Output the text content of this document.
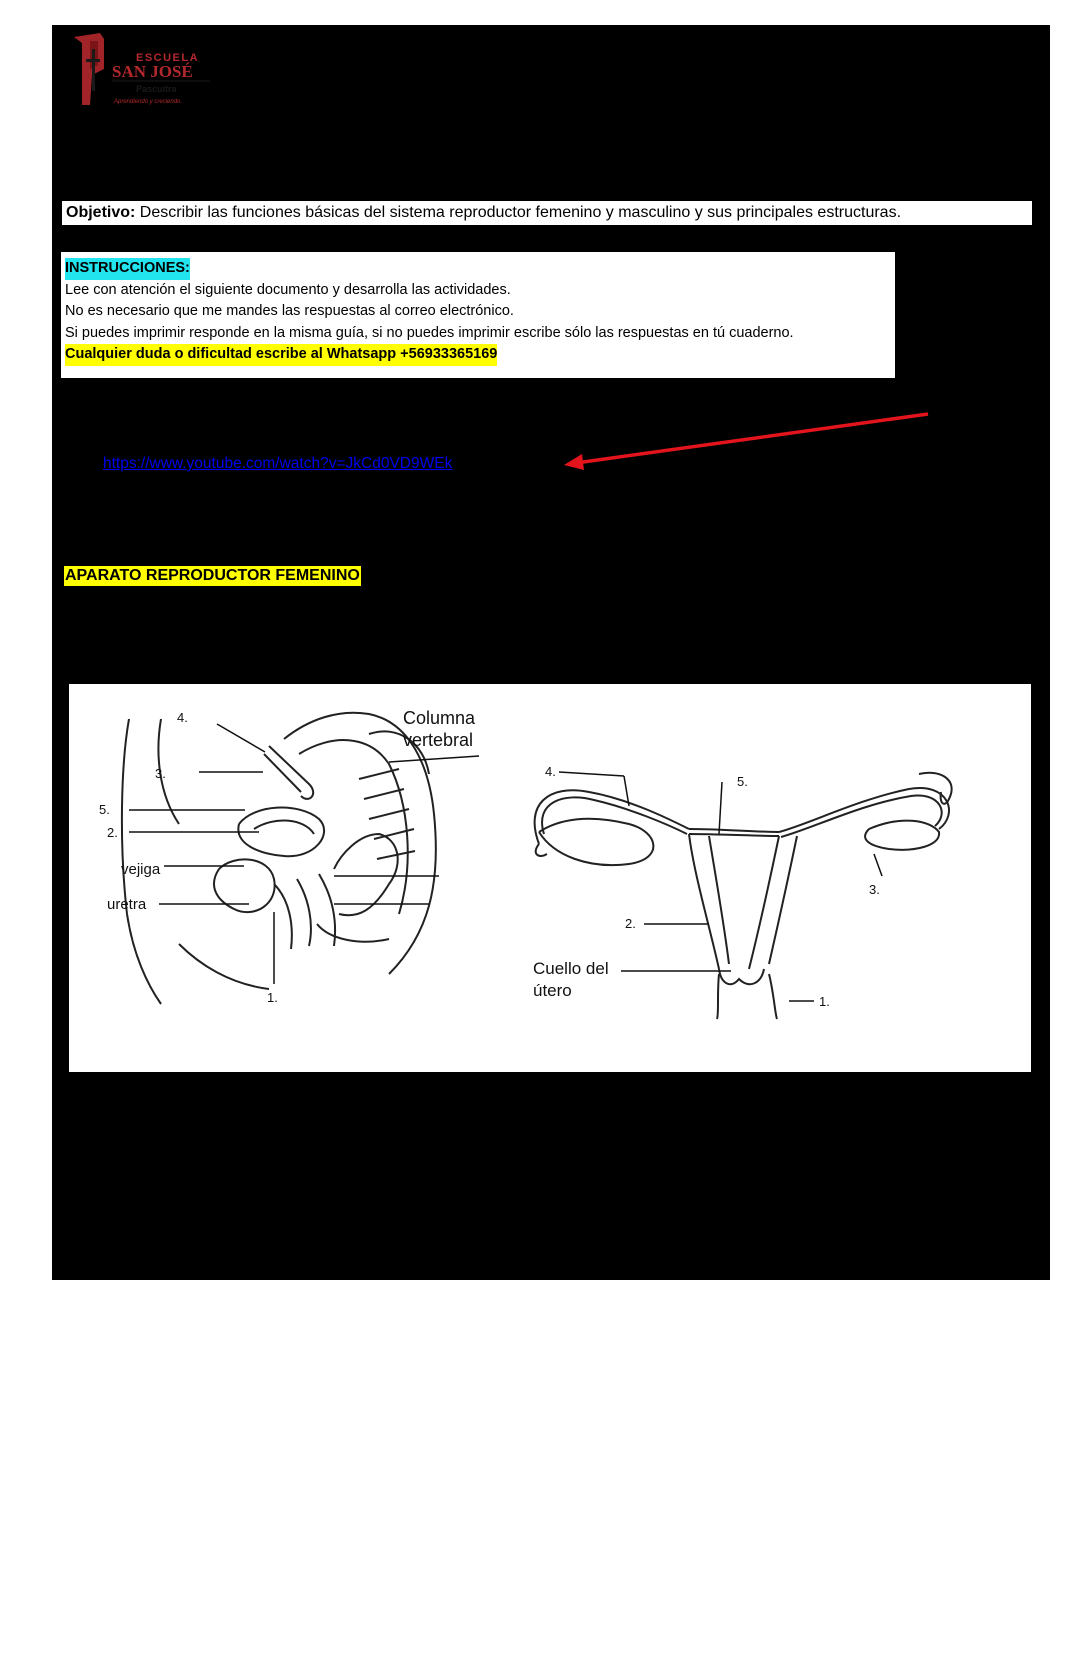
ESCUELA
SAN JOSÉ
Pascuitra
Aprendiendo y creciendo.
Objetivo: Describir las funciones básicas del sistema reproductor femenino y masculino y sus principales estructuras.
INSTRUCCIONES:
Lee con atención el siguiente documento y desarrolla las actividades.
No es necesario que me mandes las respuestas al correo electrónico.
Si puedes imprimir responde en la misma guía, si no puedes imprimir escribe sólo las respuestas en tú cuaderno.
Cualquier duda o dificultad escribe al Whatsapp +56933365169
https://www.youtube.com/watch?v=JkCd0VD9WEk
APARATO REPRODUCTOR FEMENINO
4.
3.
5.
2.
vejiga
uretra
1.
Columna
vertebral
4.
5.
2.
3.
1.
Cuello del
útero
